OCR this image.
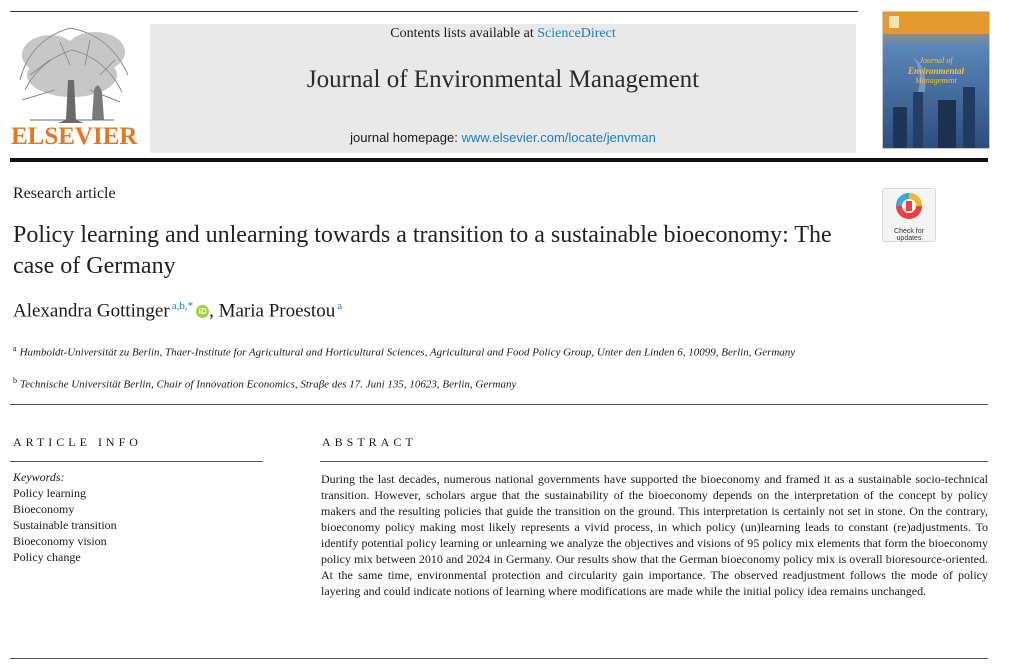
ELSEVIER
Contents lists available at ScienceDirect
Journal of Environmental Management
journal homepage: www.elsevier.com/locate/jenvman
Journal of
Environmental
Management
Research article
Policy learning and unlearning towards a transition to a sustainable bioeconomy: The case of Germany
Check for
updates
Alexandra Gottinger $^{a,b,*}$ iD , Maria Proestou $^a$
$^a$ Humboldt-Universität zu Berlin, Thaer-Institute for Agricultural and Horticultural Sciences, Agricultural and Food Policy Group, Unter den Linden 6, 10099, Berlin, Germany
$^b$ Technische Universität Berlin, Chair of Innovation Economics, Straβe des 17. Juni 135, 10623, Berlin, Germany
ARTICLE INFO
Keywords:
Policy learning
Bioeconomy
Sustainable transition
Bioeconomy vision
Policy change
ABSTRACT
During the last decades, numerous national governments have supported the bioeconomy and framed it as a sustainable socio-technical transition. However, scholars argue that the sustainability of the bioeconomy depends on the interpretation of the concept by policy makers and the resulting policies that guide the transition on the ground. This interpretation is certainly not set in stone. On the contrary, bioeconomy policy making most likely represents a vivid process, in which policy (un)learning leads to constant (re)adjustments. To identify potential policy learning or unlearning we analyze the objectives and visions of 95 policy mix elements that form the bioeconomy policy mix between 2010 and 2024 in Germany. Our results show that the German bioeconomy policy mix is overall bioresource-oriented. At the same time, environmental protection and circularity gain importance. The observed readjustment follows the mode of policy layering and could indicate notions of learning where modifications are made while the initial policy idea remains unchanged.
